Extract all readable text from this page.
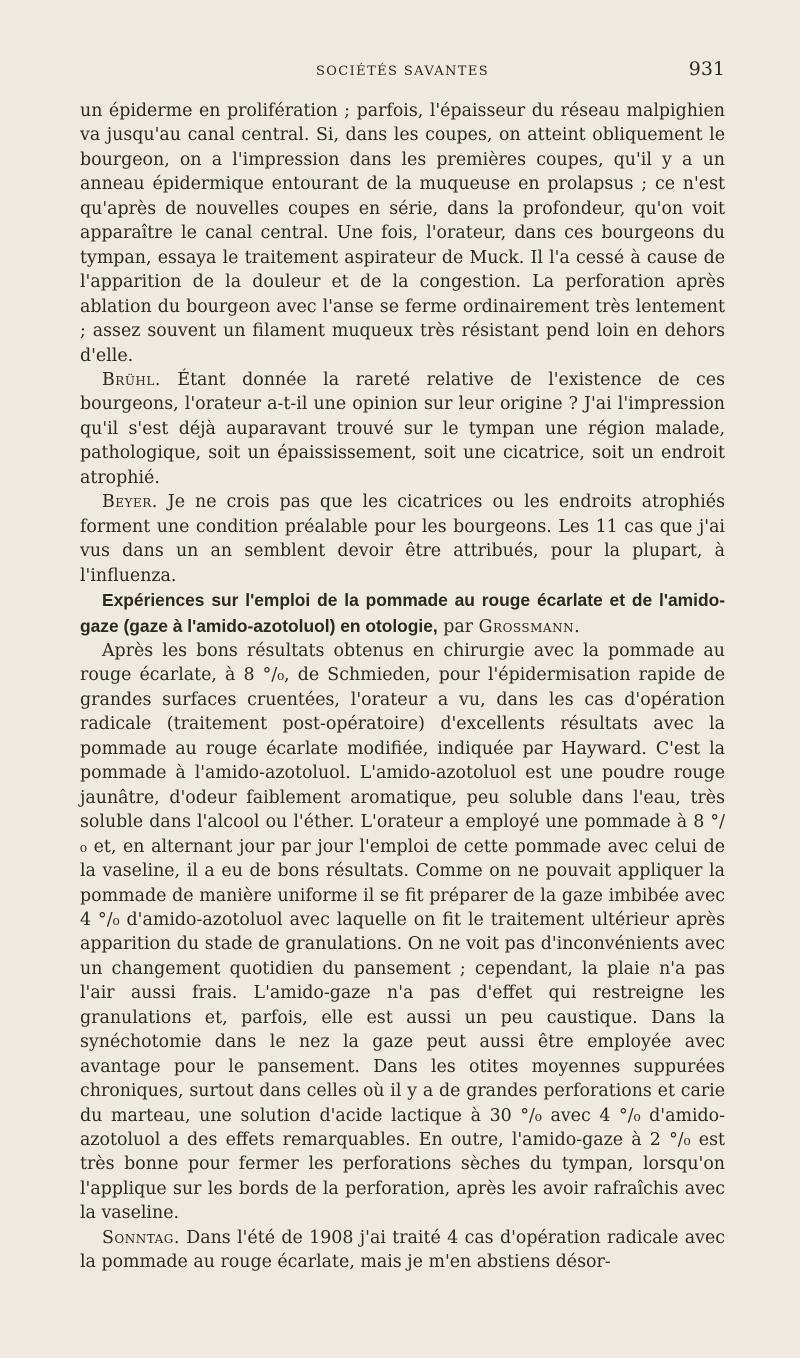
SOCIÉTÉS SAVANTES	931

un épiderme en prolifération ; parfois, l'épaisseur du réseau malpighien va jusqu'au canal central. Si, dans les coupes, on atteint obliquement le bourgeon, on a l'impression dans les premières coupes, qu'il y a un anneau épidermique entourant de la muqueuse en prolapsus ; ce n'est qu'après de nouvelles coupes en série, dans la profondeur, qu'on voit apparaître le canal central. Une fois, l'orateur, dans ces bourgeons du tympan, essaya le traitement aspirateur de Muck. Il l'a cessé à cause de l'apparition de la douleur et de la congestion. La perforation après ablation du bourgeon avec l'anse se ferme ordinairement très lentement ; assez souvent un filament muqueux très résistant pend loin en dehors d'elle.

Brühl. Étant donnée la rareté relative de l'existence de ces bourgeons, l'orateur a-t-il une opinion sur leur origine ? J'ai l'impression qu'il s'est déjà auparavant trouvé sur le tympan une région malade, pathologique, soit un épaississement, soit une cicatrice, soit un endroit atrophié.

Beyer. Je ne crois pas que les cicatrices ou les endroits atrophiés forment une condition préalable pour les bourgeons. Les 11 cas que j'ai vus dans un an semblent devoir être attribués, pour la plupart, à l'influenza.

Expériences sur l'emploi de la pommade au rouge écarlate et de l'amido-gaze (gaze à l'amido-azotoluol) en otologie, par Grossmann.

Après les bons résultats obtenus en chirurgie avec la pommade au rouge écarlate, à 8 °/₀, de Schmieden, pour l'épidermisation rapide de grandes surfaces cruentées, l'orateur a vu, dans les cas d'opération radicale (traitement post-opératoire) d'excellents résultats avec la pommade au rouge écarlate modifiée, indiquée par Hayward. C'est la pommade à l'amido-azotoluol. L'amido-azotoluol est une poudre rouge jaunâtre, d'odeur faiblement aromatique, peu soluble dans l'eau, très soluble dans l'alcool ou l'éther. L'orateur a employé une pommade à 8 °/₀ et, en alternant jour par jour l'emploi de cette pommade avec celui de la vaseline, il a eu de bons résultats. Comme on ne pouvait appliquer la pommade de manière uniforme il se fit préparer de la gaze imbibée avec 4 °/₀ d'amido-azotoluol avec laquelle on fit le traitement ultérieur après apparition du stade de granulations. On ne voit pas d'inconvénients avec un changement quotidien du pansement ; cependant, la plaie n'a pas l'air aussi frais. L'amido-gaze n'a pas d'effet qui restreigne les granulations et, parfois, elle est aussi un peu caustique. Dans la synéchotomie dans le nez la gaze peut aussi être employée avec avantage pour le pansement. Dans les otites moyennes suppurées chroniques, surtout dans celles où il y a de grandes perforations et carie du marteau, une solution d'acide lactique à 30 °/₀ avec 4 °/₀ d'amido-azotoluol a des effets remarquables. En outre, l'amido-gaze à 2 °/₀ est très bonne pour fermer les perforations sèches du tympan, lorsqu'on l'applique sur les bords de la perforation, après les avoir rafraîchis avec la vaseline.

Sonntag. Dans l'été de 1908 j'ai traité 4 cas d'opération radicale avec la pommade au rouge écarlate, mais je m'en abstiens désor-
